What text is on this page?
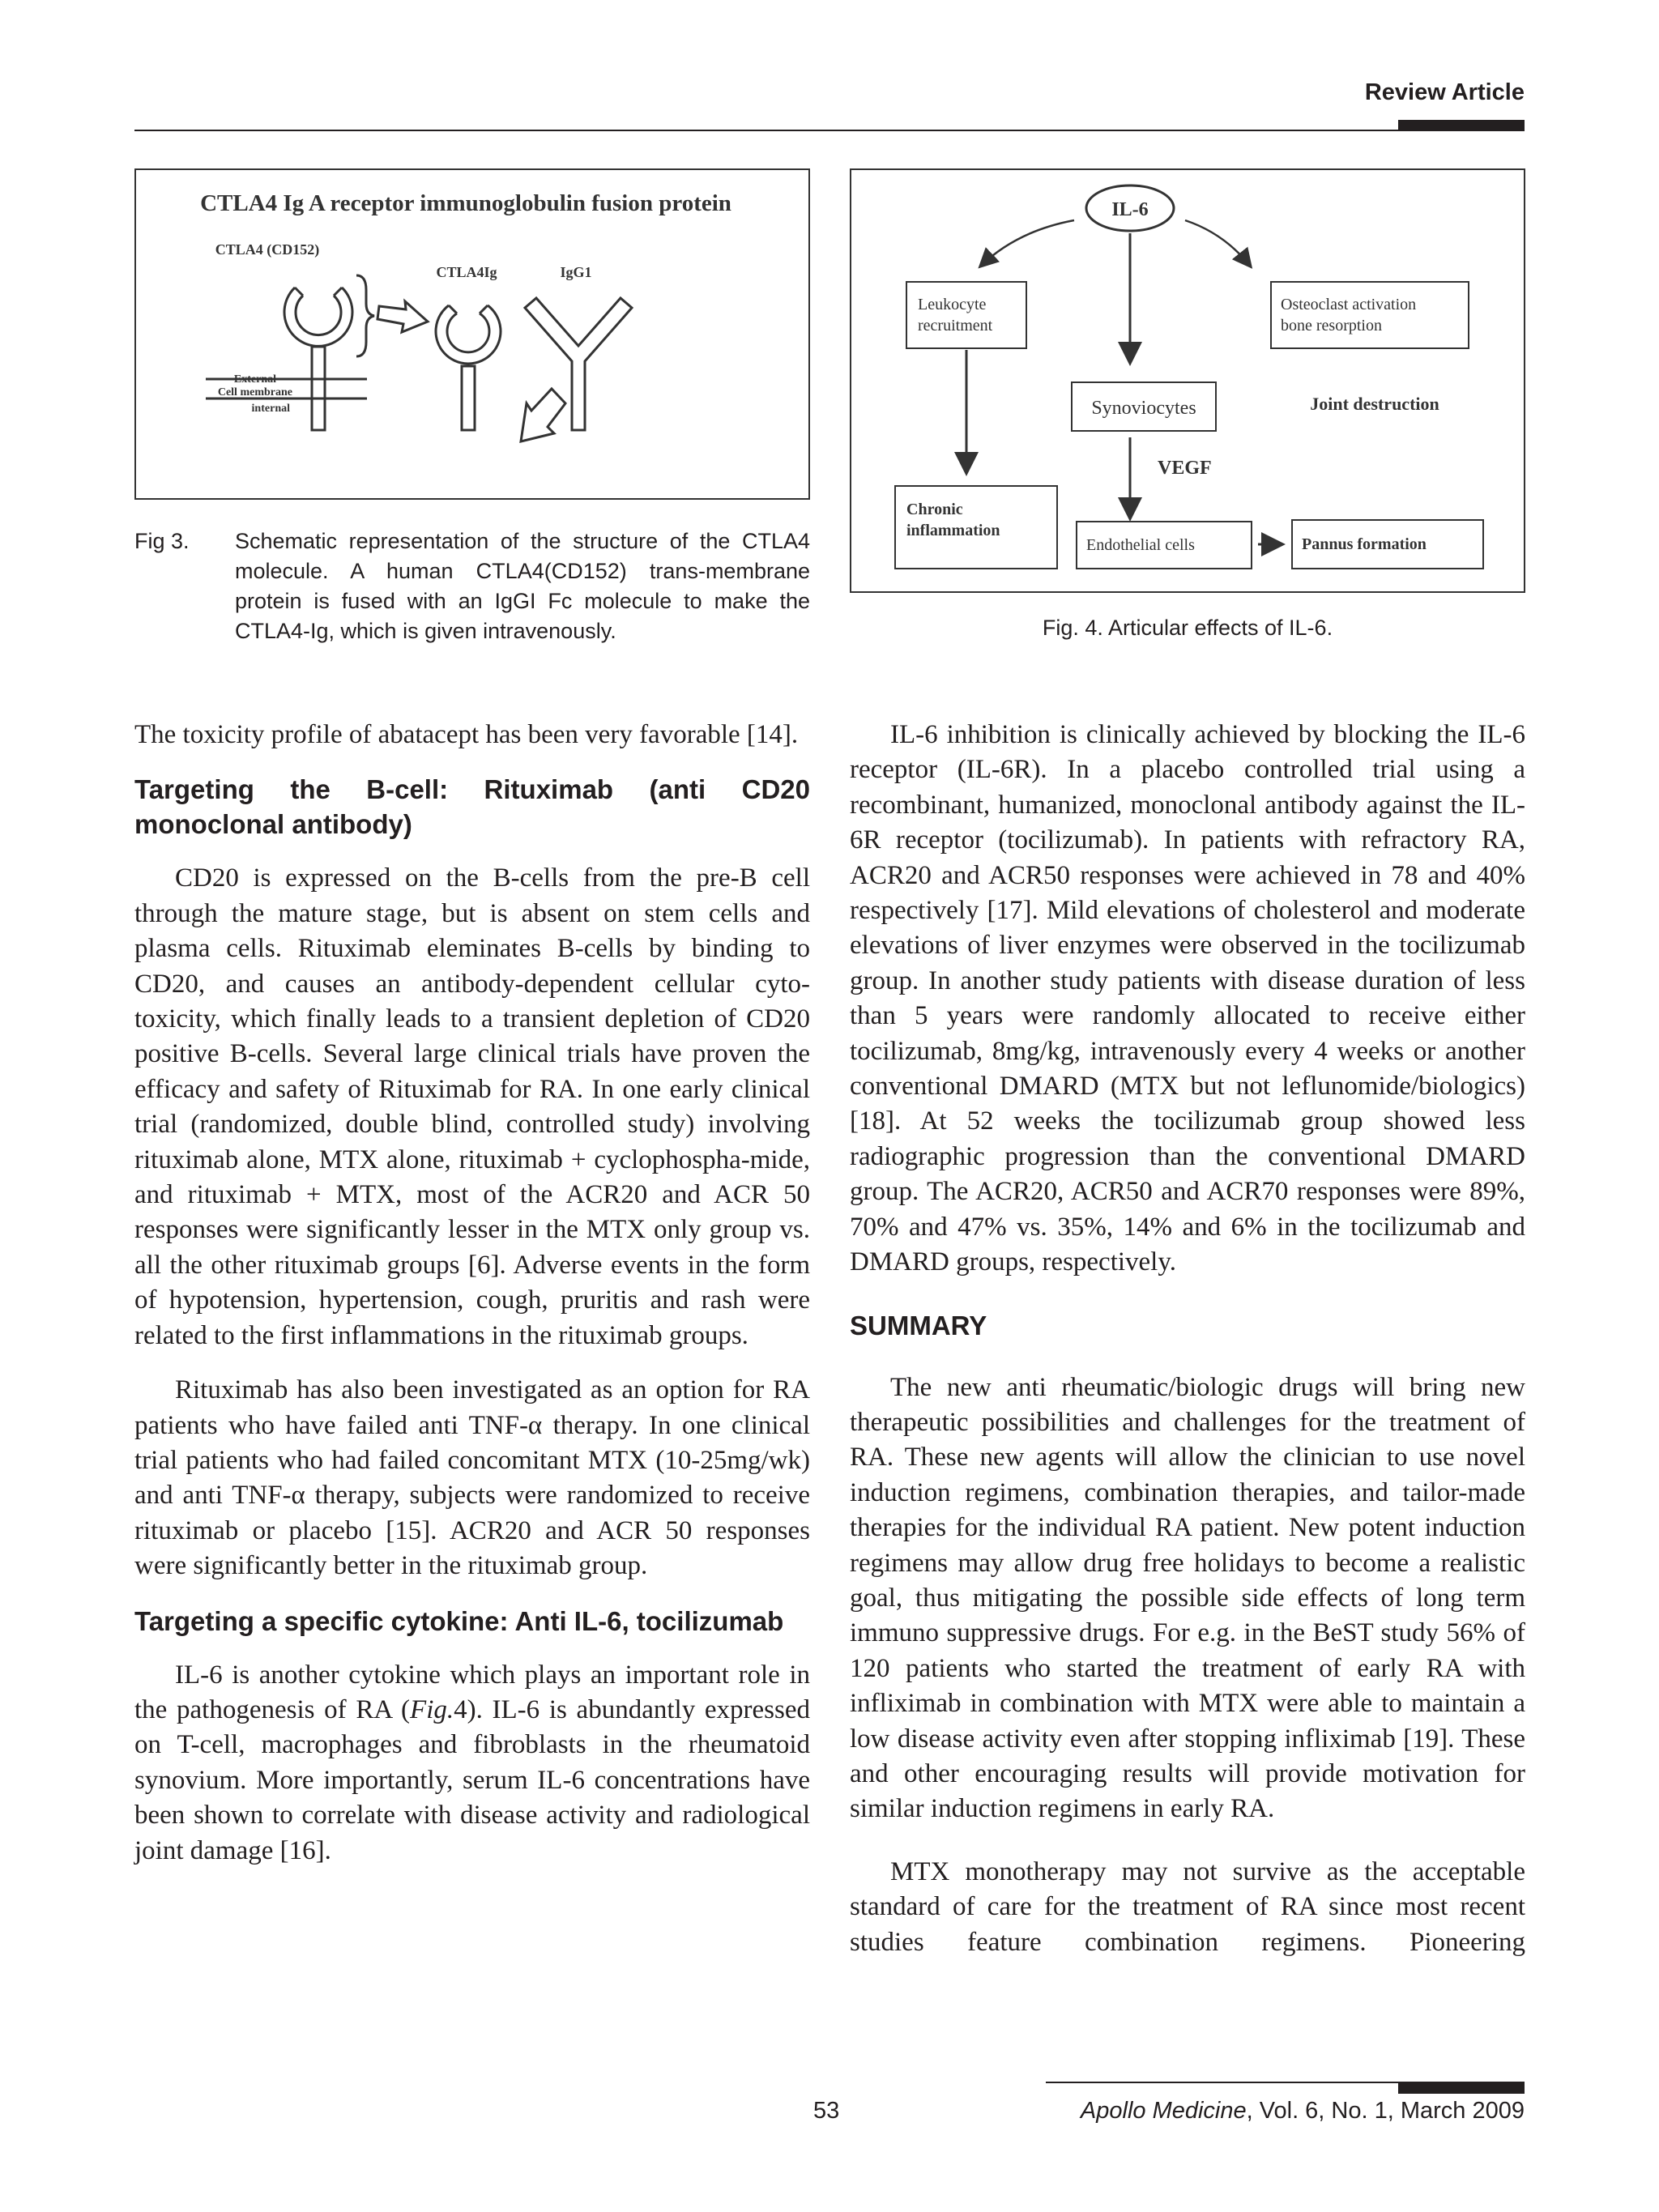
Review Article
CTLA4 Ig A receptor immunoglobulin fusion protein
CTLA4 (CD152)
CTLA4Ig	IgG1
External
Cell membrane
internal
Fig 3. Schematic representation of the structure of the CTLA4 molecule. A human CTLA4(CD152) trans-membrane protein is fused with an IgGI Fc molecule to make the CTLA4-Ig, which is given intravenously.
IL-6
Leukocyte
recruitment
Osteoclast activation
bone resorption
Synoviocytes	Joint destruction
VEGF
Chronic
inflammation
Endothelial cells	Pannus formation
Fig. 4. Articular effects of IL-6.

The toxicity profile of abatacept has been very favorable [14].

Targeting the B-cell: Rituximab (anti CD20 monoclonal antibody)

CD20 is expressed on the B-cells from the pre-B cell through the mature stage, but is absent on stem cells and plasma cells. Rituximab eleminates B-cells by binding to CD20, and causes an antibody-dependent cellular cyto-toxicity, which finally leads to a transient depletion of CD20 positive B-cells. Several large clinical trials have proven the efficacy and safety of Rituximab for RA. In one early clinical trial (randomized, double blind, controlled study) involving rituximab alone, MTX alone, rituximab + cyclophospha-mide, and rituximab + MTX, most of the ACR20 and ACR 50 responses were significantly lesser in the MTX only group vs. all the other rituximab groups [6]. Adverse events in the form of hypotension, hypertension, cough, pruritis and rash were related to the first inflammations in the rituximab groups.

Rituximab has also been investigated as an option for RA patients who have failed anti TNF-α therapy. In one clinical trial patients who had failed concomitant MTX (10-25mg/wk) and anti TNF-α therapy, subjects were randomized to receive rituximab or placebo [15]. ACR20 and ACR 50 responses were significantly better in the rituximab group.

Targeting a specific cytokine: Anti IL-6, tocilizumab

IL-6 is another cytokine which plays an important role in the pathogenesis of RA (Fig.4). IL-6 is abundantly expressed on T-cell, macrophages and fibroblasts in the rheumatoid synovium. More importantly, serum IL-6 concentrations have been shown to correlate with disease activity and radiological joint damage [16].

IL-6 inhibition is clinically achieved by blocking the IL-6 receptor (IL-6R). In a placebo controlled trial using a recombinant, humanized, monoclonal antibody against the IL-6R receptor (tocilizumab). In patients with refractory RA, ACR20 and ACR50 responses were achieved in 78 and 40% respectively [17]. Mild elevations of cholesterol and moderate elevations of liver enzymes were observed in the tocilizumab group. In another study patients with disease duration of less than 5 years were randomly allocated to receive either tocilizumab, 8mg/kg, intravenously every 4 weeks or another conventional DMARD (MTX but not leflunomide/biologics) [18]. At 52 weeks the tocilizumab group showed less radiographic progression than the conventional DMARD group. The ACR20, ACR50 and ACR70 responses were 89%, 70% and 47% vs. 35%, 14% and 6% in the tocilizumab and DMARD groups, respectively.

SUMMARY

The new anti rheumatic/biologic drugs will bring new therapeutic possibilities and challenges for the treatment of RA. These new agents will allow the clinician to use novel induction regimens, combination therapies, and tailor-made therapies for the individual RA patient. New potent induction regimens may allow drug free holidays to become a realistic goal, thus mitigating the possible side effects of long term immuno suppressive drugs. For e.g. in the BeST study 56% of 120 patients who started the treatment of early RA with infliximab in combination with MTX were able to maintain a low disease activity even after stopping infliximab [19]. These and other encouraging results will provide motivation for similar induction regimens in early RA.

MTX monotherapy may not survive as the acceptable standard of care for the treatment of RA since most recent studies feature combination regimens. Pioneering

53	Apollo Medicine, Vol. 6, No. 1, March 2009
